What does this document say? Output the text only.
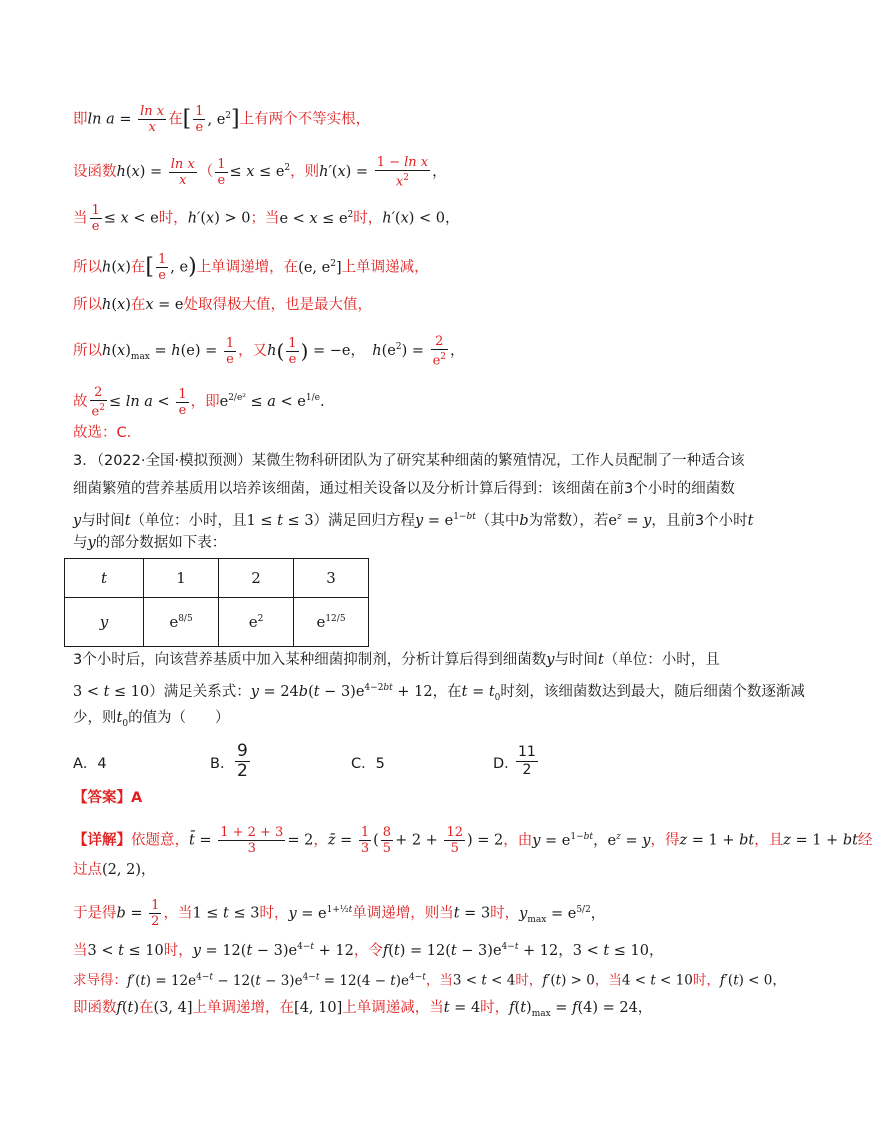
即$\ln a = \frac{\text{ln x}}{x}$ 在[ $\frac{1}{e}$ , $e^2$]上有两个不等实根，
设函数$h(x) = \frac{\text{ln x}}{x}$ （ $\frac{1}{e} \le x \le e^2$，则$h'(x) = \frac{\text{1 − ln x}}{x^2}$ ，
当 $\frac{1}{e} \le x < e$时，h′(x) > 0；当$e < x \le e^2$时，h′(x) < 0，
所以h(x)在[ $\frac{1}{e}$ , e)上单调递增，在(e, $e^2$]上单调递减，
所以h(x)在x = e处取得极大值，也是最大值，
所以$h(x)_{max} = h(e) = \frac{1}{e}$ ，又$h( \frac{1}{e}$ ) = −e，　$h(e^2) = \frac{2}{e^2}$ ，
故 $\frac{2}{e^2} \le \ln a < \frac{1}{e}$ ，即$e^{2/e^2} \le a < e^{1/e}$.
故选：C.
3．（2022·全国·模拟预测）某微生物科研团队为了研究某种细菌的繁殖情况，工作人员配制了一种适合该
细菌繁殖的营养基质用以培养该细菌，通过相关设备以及分析计算后得到：该细菌在前3个小时的细菌数
y与时间t（单位：小时，且1 ≤ t ≤ 3）满足回归方程$y = e^{1-bt}$（其中b为常数），若$e^z = y$，且前3个小时t
与y的部分数据如下表：
t	1	2	3
y	$e^{8/5}$	$e^2$	$e^{12/5}$
3个小时后，向该营养基质中加入某种细菌抑制剂，分析计算后得到细菌数y与时间t（单位：小时，且
3 < t ≤ 10）满足关系式：$y = 24b(t - 3)e^{4-2bt} + 12$，在$t = t_0$时刻，该细菌数达到最大，随后细菌个数逐渐减
少，则$t_0$的值为（　　）
A．4	B． $\frac{9}{2}$	C．5	D．
$\frac{11}{2}$
【答案】A
【详解】依题意，t̄ = $\frac{1 + 2 + 3}{3} = 2$，z̄ = $\frac{1}{3}$ ( $\frac{8}{5} + 2 + \frac{12}{5}$ ) = 2，由$y = e^{1-bt}$，$e^z = y$，得z = 1 + bt，且z = 1 + bt经
过点(2, 2)，
于是得$b = \frac{1}{2}$ ，当1 ≤ t ≤ 3时，$y = e^{1+\frac{1}{2}t}$单调递增，则当t = 3时，$y_{max} = e^{5/2}$，
当3 < t ≤ 10时，$y = 12(t - 3)e^{4-t} + 12$，令$f(t) = 12(t - 3)e^{4-t} + 12$，3 < t ≤ 10，
求导得：$f'(t) = 12e^{4-t} - 12(t - 3)e^{4-t} = 12(4 - t)e^{4-t}$，当3 < t < 4时，f′(t) > 0，当4 < t < 10时，f′(t) < 0，
即函数f(t)在(3, 4]上单调递增，在[4, 10]上单调递减，当t = 4时，$f(t)_{max} = f(4) = 24$，
